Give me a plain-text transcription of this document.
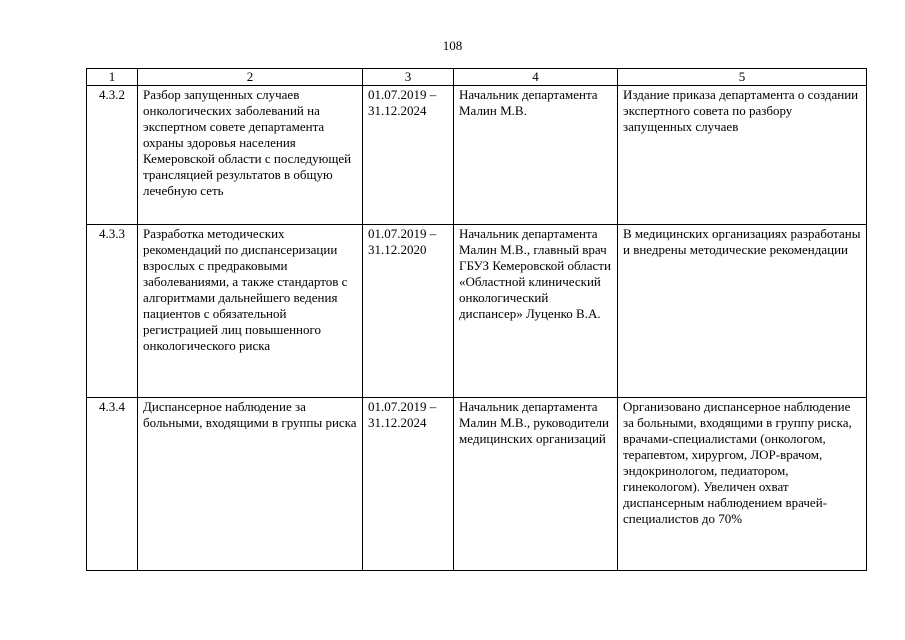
108
1	2	3	4	5
4.3.2	Разбор запущенных случаев онкологических заболеваний на экспертном совете департамента охраны здоровья населения Кемеровской области с последующей трансляцией результатов в общую лечебную сеть	01.07.2019 – 31.12.2024	Начальник департамента Малин М.В.	Издание приказа департамента о создании экспертного совета по разбору запущенных случаев
4.3.3	Разработка методических рекомендаций по диспансеризации взрослых с предраковыми заболеваниями, а также стандартов с алгоритмами дальнейшего ведения пациентов с обязательной регистрацией лиц повышенного онкологического риска	01.07.2019 – 31.12.2020	Начальник департамента Малин М.В., главный врач ГБУЗ Кемеровской области «Областной клинический онкологический диспансер» Луценко В.А.	В медицинских организациях разработаны и внедрены методические рекомендации
4.3.4	Диспансерное наблюдение за больными, входящими в группы риска	01.07.2019 – 31.12.2024	Начальник департамента Малин М.В., руководители медицинских организаций	Организовано диспансерное наблюдение за больными, входящими в группу риска, врачами-специалистами (онкологом, терапевтом, хирургом, ЛОР-врачом, эндокринологом, педиатором, гинекологом). Увеличен охват диспансерным наблюдением врачей-специалистов до 70%
